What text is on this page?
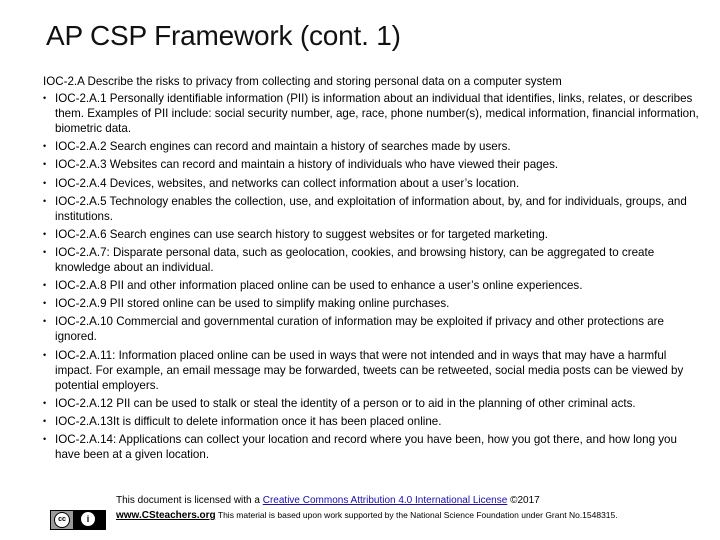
AP CSP Framework (cont. 1)
IOC-2.A Describe the risks to privacy from collecting and storing personal data on a computer system
• IOC-2.A.1 Personally identifiable information (PII) is information about an individual that identifies, links, relates, or describes them. Examples of PII include: social security number, age, race, phone number(s), medical information, financial information, biometric data.
• IOC-2.A.2 Search engines can record and maintain a history of searches made by users.
• IOC-2.A.3 Websites can record and maintain a history of individuals who have viewed their pages.
• IOC-2.A.4 Devices, websites, and networks can collect information about a user’s location.
• IOC-2.A.5 Technology enables the collection, use, and exploitation of information about, by, and for individuals, groups, and institutions.
• IOC-2.A.6 Search engines can use search history to suggest websites or for targeted marketing.
• IOC-2.A.7: Disparate personal data, such as geolocation, cookies, and browsing history, can be aggregated to create knowledge about an individual.
• IOC-2.A.8 PII and other information placed online can be used to enhance a user’s online experiences.
• IOC-2.A.9 PII stored online can be used to simplify making online purchases.
• IOC-2.A.10 Commercial and governmental curation of information may be exploited if privacy and other protections are ignored.
• IOC-2.A.11: Information placed online can be used in ways that were not intended and in ways that may have a harmful impact. For example, an email message may be forwarded, tweets can be retweeted, social media posts can be viewed by potential employers.
• IOC-2.A.12 PII can be used to stalk or steal the identity of a person or to aid in the planning of other criminal acts.
• IOC-2.A.13It is difficult to delete information once it has been placed online.
• IOC-2.A.14: Applications can collect your location and record where you have been, how you got there, and how long you have been at a given location.
cc	i
This document is licensed with a Creative Commons Attribution 4.0 International License ©2017
www.CSteachers.org This material is based upon work supported by the National Science Foundation under Grant No.1548315.
